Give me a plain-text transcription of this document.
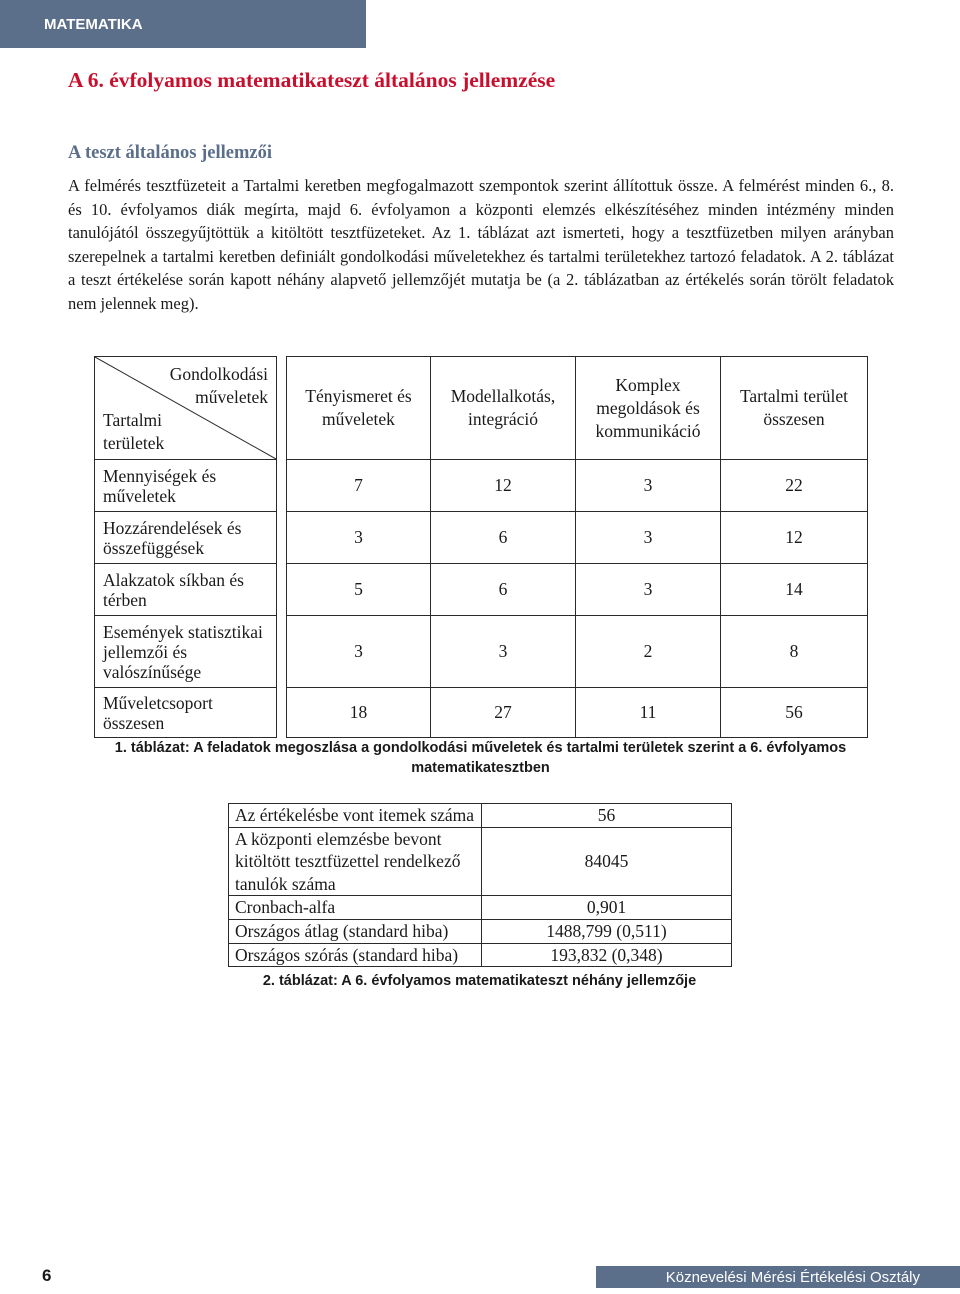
MATEMATIKA
A 6. évfolyamos matematikateszt általános jellemzése
A teszt általános jellemzői

A felmérés tesztfüzeteit a Tartalmi keretben megfogalmazott szempontok szerint állítottuk össze. A felmérést minden 6., 8. és 10. évfolyamos diák megírta, majd 6. évfolyamon a központi elemzés elkészítéséhez minden intézmény minden tanulójától összegyűjtöttük a kitöltött tesztfüzeteket. Az 1. táblázat azt ismerteti, hogy a tesztfüzetben milyen arányban szerepelnek a tartalmi keretben definiált gondolkodási műveletekhez és tartalmi területekhez tartozó feladatok. A 2. táblázat a teszt értékelése során kapott néhány alapvető jellemzőjét mutatja be (a 2. táblázatban az értékelés során törölt feladatok nem jelennek meg).

Gondolkodási műveletek
Tartalmi területek		Tényismeret és műveletek	Modellalkotás, integráció	Komplex megoldások és kommunikáció	Tartalmi terület összesen
Mennyiségek és műveletek		7	12	3	22
Hozzárendelések és összefüggések		3	6	3	12
Alakzatok síkban és térben		5	6	3	14
Események statisztikai jellemzői és valószínűsége		3	3	2	8
Műveletcsoport összesen		18	27	11	56

1. táblázat: A feladatok megoszlása a gondolkodási műveletek és tartalmi területek szerint a 6. évfolyamos matematikatesztben

Az értékelésbe vont itemek száma	56
A központi elemzésbe bevont kitöltött tesztfüzettel rendelkező tanulók száma	84045
Cronbach-alfa	0,901
Országos átlag (standard hiba)	1488,799 (0,511)
Országos szórás (standard hiba)	193,832 (0,348)

2. táblázat: A 6. évfolyamos matematikateszt néhány jellemzője

6	Köznevelési Mérési Értékelési Osztály
